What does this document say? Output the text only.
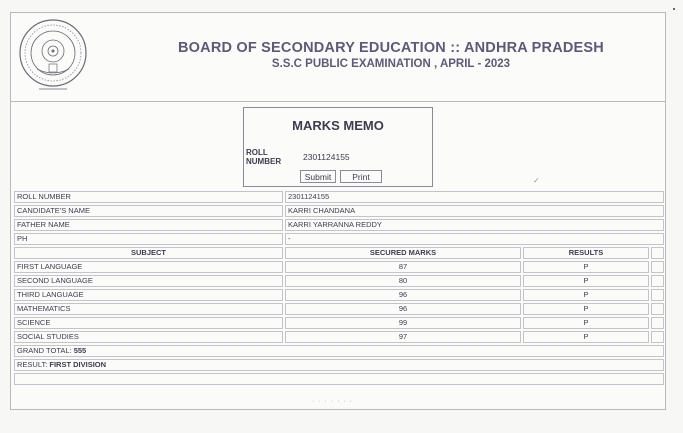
BOARD OF SECONDARY EDUCATION :: ANDHRA PRADESH
S.S.C PUBLIC EXAMINATION , APRIL - 2023
MARKS MEMO
ROLL
NUMBER	2301124155
Submit	Print	✓
ROLL NUMBER	2301124155		
CANDIDATE'S NAME	KARRI CHANDANA		
FATHER NAME	KARRI YARRANNA REDDY		
PH	-		
SUBJECT	SECURED MARKS	RESULTS	
FIRST LANGUAGE	87	P	
SECOND LANGUAGE	80	P	
THIRD LANGUAGE	96	P	
MATHEMATICS	96	P	
SCIENCE	99	P	
SOCIAL STUDIES	97	P	
GRAND TOTAL: 555			
RESULT: FIRST DIVISION			

· · · · · · ·
